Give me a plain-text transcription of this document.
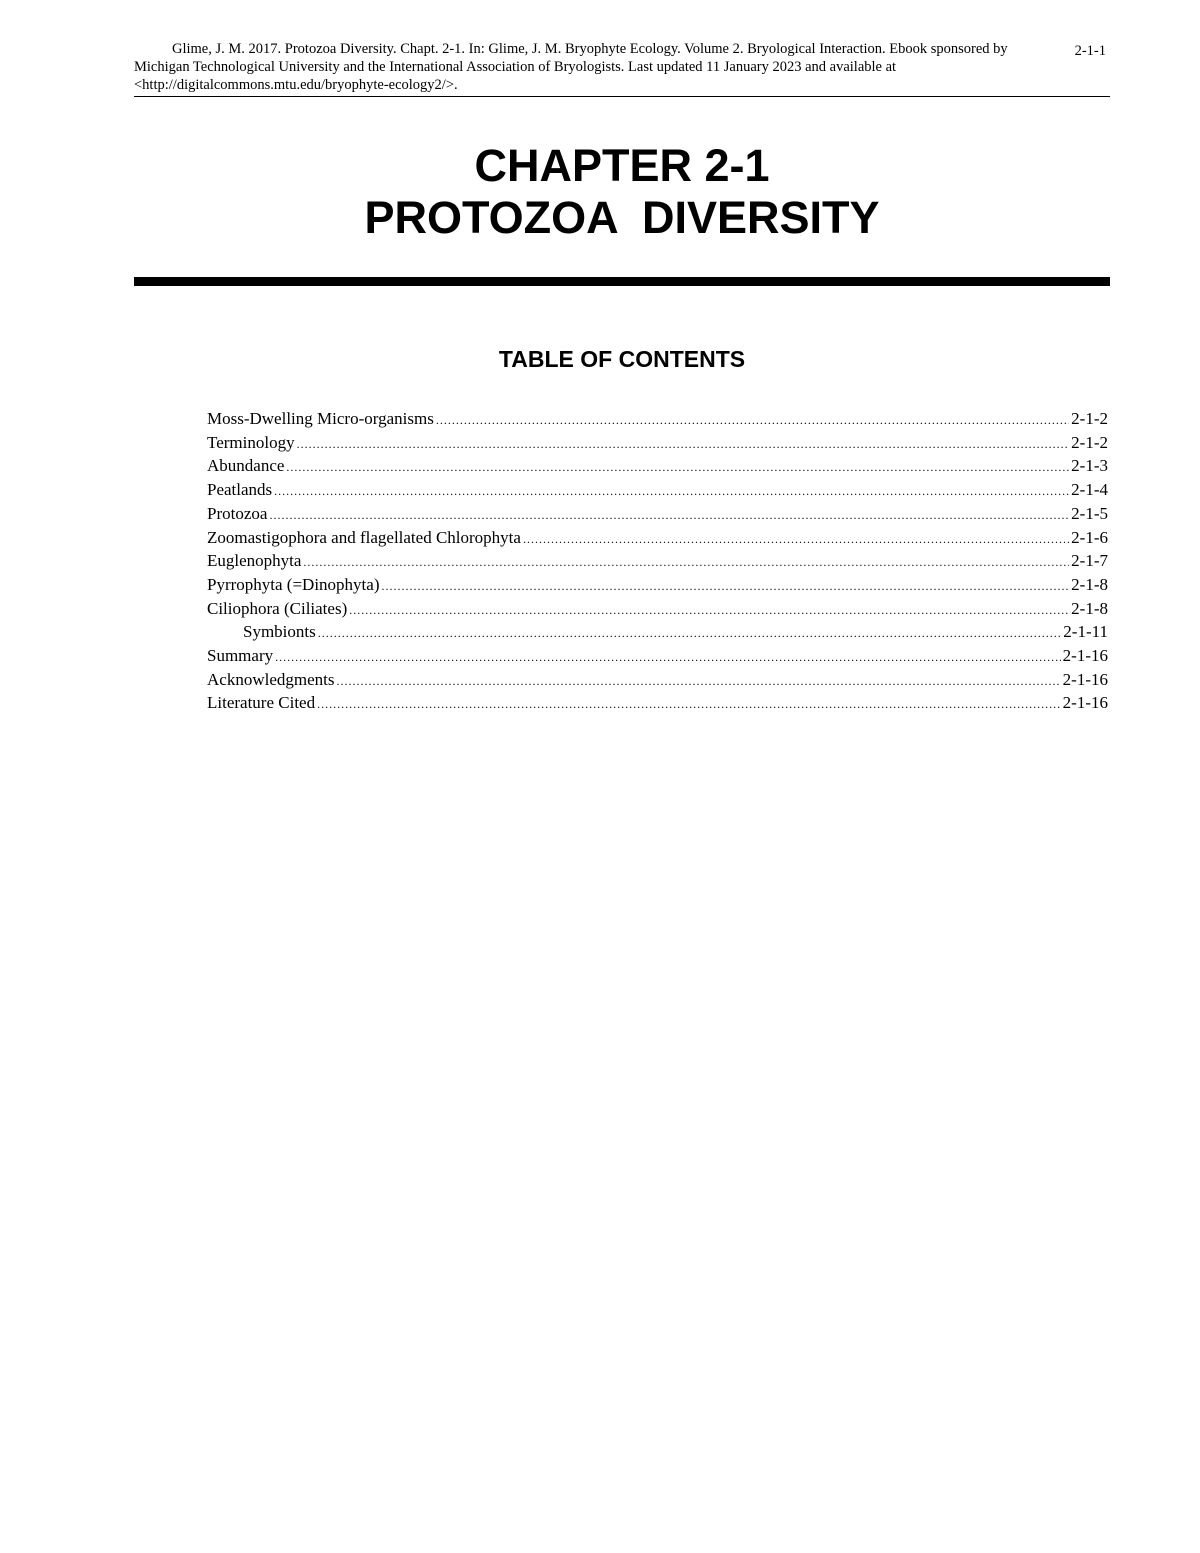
Glime, J. M. 2017. Protozoa Diversity. Chapt. 2-1. In: Glime, J. M. Bryophyte Ecology. Volume 2. Bryological Interaction. Ebook sponsored by Michigan Technological University and the International Association of Bryologists. Last updated 11 January 2023 and available at <http://digitalcommons.mtu.edu/bryophyte-ecology2/>.
2-1-1
CHAPTER 2-1
PROTOZOA  DIVERSITY
TABLE OF CONTENTS
Moss-Dwelling Micro-organisms .....	2-1-2
Terminology .....	2-1-2
Abundance .....	2-1-3
Peatlands .....	2-1-4
Protozoa .....	2-1-5
Zoomastigophora and flagellated Chlorophyta .....	2-1-6
Euglenophyta .....	2-1-7
Pyrrophyta (=Dinophyta) .....	2-1-8
Ciliophora (Ciliates) .....	2-1-8
Symbionts .....	2-1-11
Summary .....	2-1-16
Acknowledgments .....	2-1-16
Literature Cited .....	2-1-16
